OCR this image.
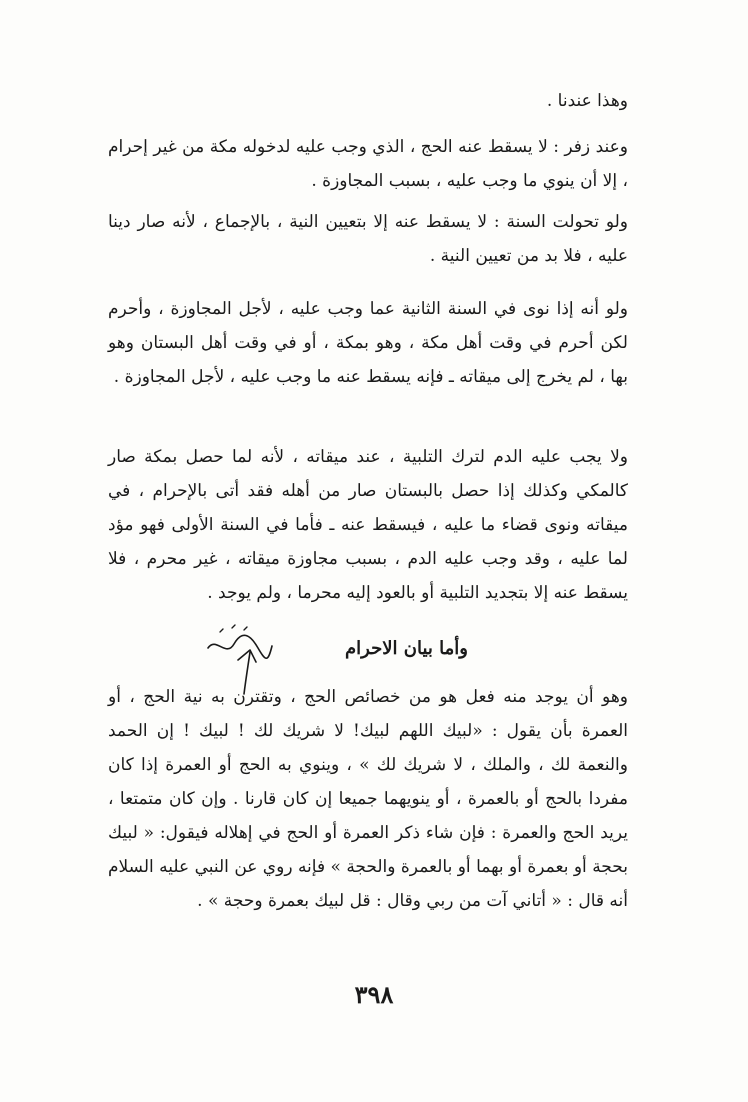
وهذا عندنا .
وعند زفر : لا يسقط عنه الحج ، الذي وجب عليه لدخوله مكة من غير إحرام ، إلا أن ينوي ما وجب عليه ، بسبب المجاوزة .
ولو تحولت السنة : لا يسقط عنه إلا بتعيين النية ، بالإجماع ، لأنه صار دينا عليه ، فلا بد من تعيين النية .
ولو أنه إذا نوى في السنة الثانية عما وجب عليه ، لأجل المجاوزة ، وأحرم لكن أحرم في وقت أهل مكة ، وهو بمكة ، أو في وقت أهل البستان وهو بها ، لم يخرج إلى ميقاته ـ فإنه يسقط عنه ما وجب عليه ، لأجل المجاوزة .
ولا يجب عليه الدم لترك التلبية ، عند ميقاته ، لأنه لما حصل بمكة صار كالمكي وكذلك إذا حصل بالبستان صار من أهله فقد أتى بالإحرام ، في ميقاته ونوى قضاء ما عليه ، فيسقط عنه ـ فأما في السنة الأولى فهو مؤد لما عليه ، وقد وجب عليه الدم ، بسبب مجاوزة ميقاته ، غير محرم ، فلا يسقط عنه إلا بتجديد التلبية أو بالعود إليه محرما ، ولم يوجد .
وأما بيان الاحرام
وهو أن يوجد منه فعل هو من خصائص الحج ، وتقترن به نية الحج ، أو العمرة بأن يقول : «لبيك اللهم لبيك! لا شريك لك ! لبيك ! إن الحمد والنعمة لك ، والملك ، لا شريك لك » ، وينوي به الحج أو العمرة إذا كان مفردا بالحج أو بالعمرة ، أو ينويهما جميعا إن كان قارنا . وإن كان متمتعا ، يريد الحج والعمرة : فإن شاء ذكر العمرة أو الحج في إهلاله فيقول: « لبيك بحجة أو بعمرة أو بهما أو بالعمرة والحجة » فإنه روي عن النبي عليه السلام أنه قال : « أتاني آت من ربي وقال : قل لبيك بعمرة وحجة » .
٣٩٨
